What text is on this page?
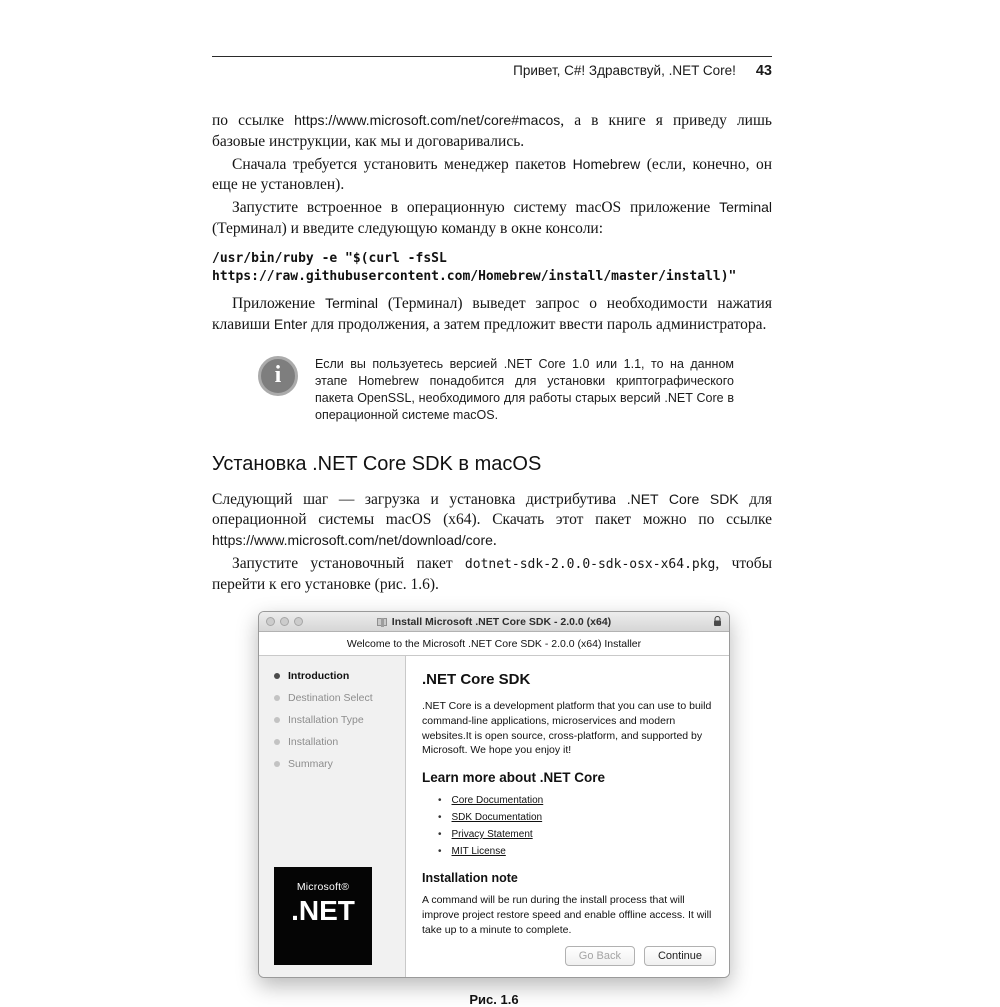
Привет, C#! Здравствуй, .NET Core! 43

по ссылке https://www.microsoft.com/net/core#macos, а в книге я приведу лишь базовые инструкции, как мы и договаривались.

Сначала требуется установить менеджер пакетов Homebrew (если, конечно, он еще не установлен).

Запустите встроенное в операционную систему macOS приложение Terminal (Терминал) и введите следующую команду в окне консоли:

/usr/bin/ruby -e "$(curl -fsSL
https://raw.githubusercontent.com/Homebrew/install/master/install)"

Приложение Terminal (Терминал) выведет запрос о необходимости нажатия клавиши Enter для продолжения, а затем предложит ввести пароль администратора.

i	Если вы пользуетесь версией .NET Core 1.0 или 1.1, то на данном этапе Homebrew понадобится для установки криптографического пакета OpenSSL, необходимого для работы старых версий .NET Core в операционной системе macOS.
Установка .NET Core SDK в macOS

Следующий шаг — загрузка и установка дистрибутива .NET Core SDK для операционной системы macOS (x64). Скачать этот пакет можно по ссылке https://www.microsoft.com/net/download/core.

Запустите установочный пакет dotnet-sdk-2.0.0-sdk-osx-x64.pkg, чтобы перейти к его установке (рис. 1.6).

Install Microsoft .NET Core SDK - 2.0.0 (x64)
Welcome to the Microsoft .NET Core SDK - 2.0.0 (x64) Installer
Introduction
Destination Select
Installation Type
Installation
Summary
Microsoft®
.NET
.NET Core SDK

.NET Core is a development platform that you can use to build command-line applications, microservices and modern websites.It is open source, cross-platform, and supported by Microsoft. We hope you enjoy it!

Learn more about .NET Core
• Core Documentation
• SDK Documentation
• Privacy Statement
• MIT License
Installation note

A command will be run during the install process that will improve project restore speed and enable offline access. It will take up to a minute to complete.

Go Back	Continue
Рис. 1.6
